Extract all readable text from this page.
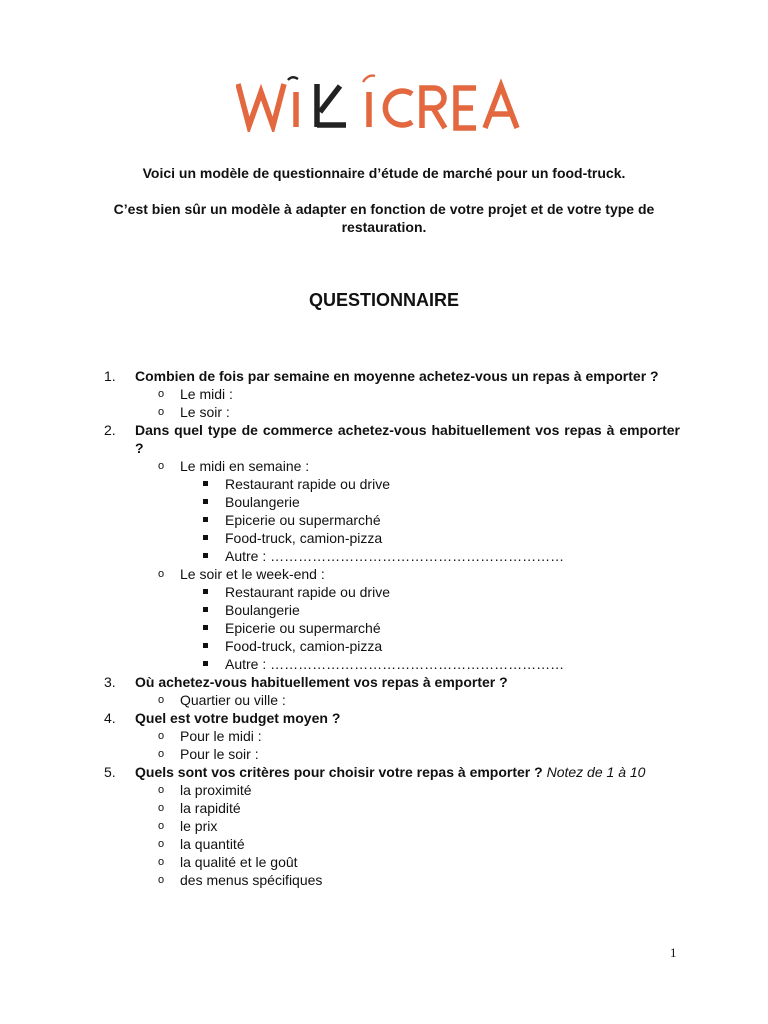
Voici un modèle de questionnaire d’étude de marché pour un food-truck.
C’est bien sûr un modèle à adapter en fonction de votre projet et de votre type de restauration.
QUESTIONNAIRE
1.	Combien de fois par semaine en moyenne achetez-vous un repas à emporter ?
o Le midi :
o Le soir :
2.	Dans quel type de commerce achetez-vous habituellement vos repas à emporter ?
o Le midi en semaine :
Restaurant rapide ou drive
Boulangerie
Epicerie ou supermarché
Food-truck, camion-pizza
Autre : ………………………………………………………
o Le soir et le week-end :
Restaurant rapide ou drive
Boulangerie
Epicerie ou supermarché
Food-truck, camion-pizza
Autre : ………………………………………………………
3.	Où achetez-vous habituellement vos repas à emporter ?
o Quartier ou ville :
4.	Quel est votre budget moyen ?
o Pour le midi :
o Pour le soir :
5.	Quels sont vos critères pour choisir votre repas à emporter ? Notez de 1 à 10
o la proximité
o la rapidité
o le prix
o la quantité
o la qualité et le goût
o des menus spécifiques
1
